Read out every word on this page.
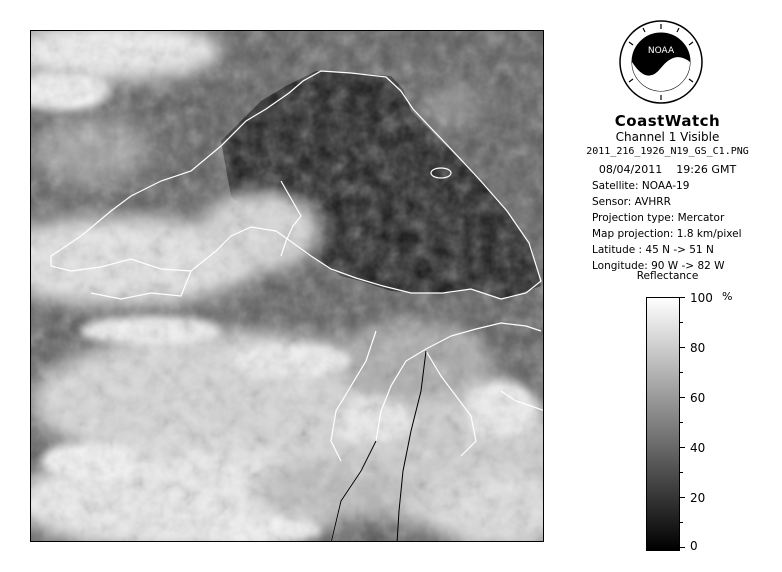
NOAA
CoastWatch
Channel 1 Visible
2011_216_1926_N19_GS_C1.PNG
08/04/2011 19:26 GMT
Satellite: NOAA-19
Sensor: AVHRR
Projection type: Mercator
Map projection: 1.8 km/pixel
Latitude : 45 N -> 51 N
Longitude: 90 W -> 82 W
Reflectance
%
100
80
60
40
20
0
